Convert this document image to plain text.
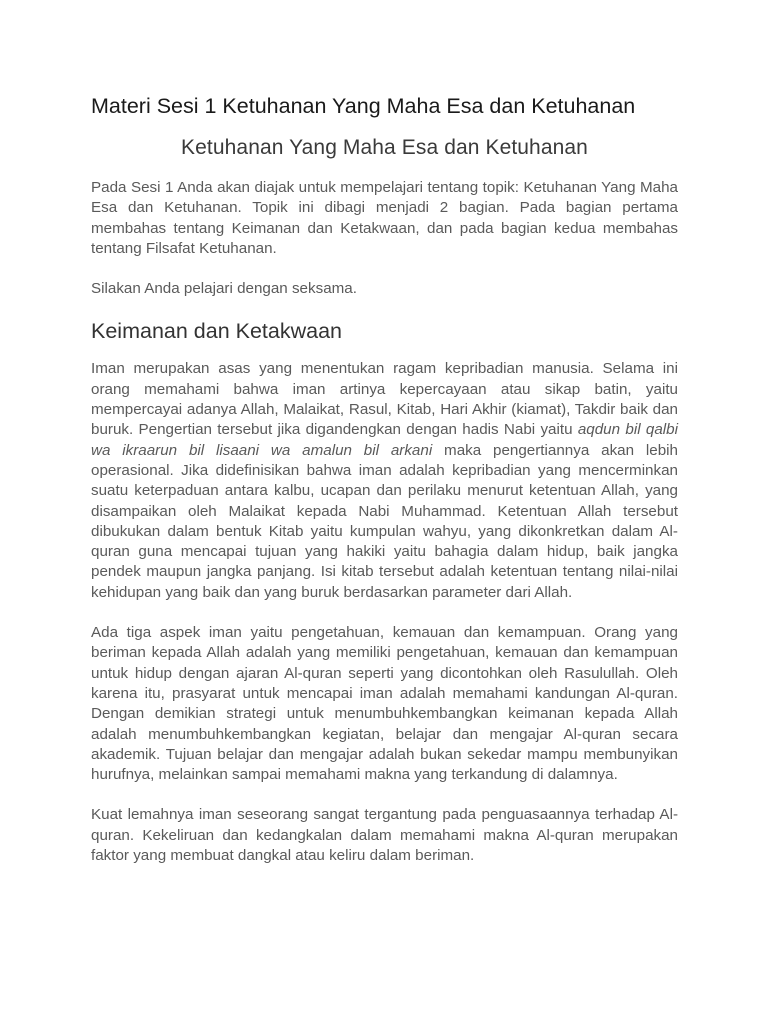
Materi Sesi 1 Ketuhanan Yang Maha Esa dan Ketuhanan
Ketuhanan Yang Maha Esa dan Ketuhanan

Pada Sesi 1 Anda akan diajak untuk mempelajari tentang topik: Ketuhanan Yang Maha Esa dan Ketuhanan. Topik ini dibagi menjadi 2 bagian. Pada bagian pertama membahas tentang Keimanan dan Ketakwaan, dan pada bagian kedua membahas tentang Filsafat Ketuhanan.

Silakan Anda pelajari dengan seksama.

Keimanan dan Ketakwaan

Iman merupakan asas yang menentukan ragam kepribadian manusia. Selama ini orang memahami bahwa iman artinya kepercayaan atau sikap batin, yaitu mempercayai adanya Allah, Malaikat, Rasul, Kitab, Hari Akhir (kiamat), Takdir baik dan buruk. Pengertian tersebut jika digandengkan dengan hadis Nabi yaitu aqdun bil qalbi wa ikraarun bil lisaani wa amalun bil arkani maka pengertiannya akan lebih operasional. Jika didefinisikan bahwa iman adalah kepribadian yang mencerminkan suatu keterpaduan antara kalbu, ucapan dan perilaku menurut ketentuan Allah, yang disampaikan oleh Malaikat kepada Nabi Muhammad. Ketentuan Allah tersebut dibukukan dalam bentuk Kitab yaitu kumpulan wahyu, yang dikonkretkan dalam Al-quran guna mencapai tujuan yang hakiki yaitu bahagia dalam hidup, baik jangka pendek maupun jangka panjang. Isi kitab tersebut adalah ketentuan tentang nilai-nilai kehidupan yang baik dan yang buruk berdasarkan parameter dari Allah.

Ada tiga aspek iman yaitu pengetahuan, kemauan dan kemampuan. Orang yang beriman kepada Allah adalah yang memiliki pengetahuan, kemauan dan kemampuan untuk hidup dengan ajaran Al-quran seperti yang dicontohkan oleh Rasulullah. Oleh karena itu, prasyarat untuk mencapai iman adalah memahami kandungan Al-quran. Dengan demikian strategi untuk menumbuhkembangkan keimanan kepada Allah adalah menumbuhkembangkan kegiatan, belajar dan mengajar Al-quran secara akademik. Tujuan belajar dan mengajar adalah bukan sekedar mampu membunyikan hurufnya, melainkan sampai memahami makna yang terkandung di dalamnya.

Kuat lemahnya iman seseorang sangat tergantung pada penguasaannya terhadap Al-quran. Kekeliruan dan kedangkalan dalam memahami makna Al-quran merupakan faktor yang membuat dangkal atau keliru dalam beriman.
